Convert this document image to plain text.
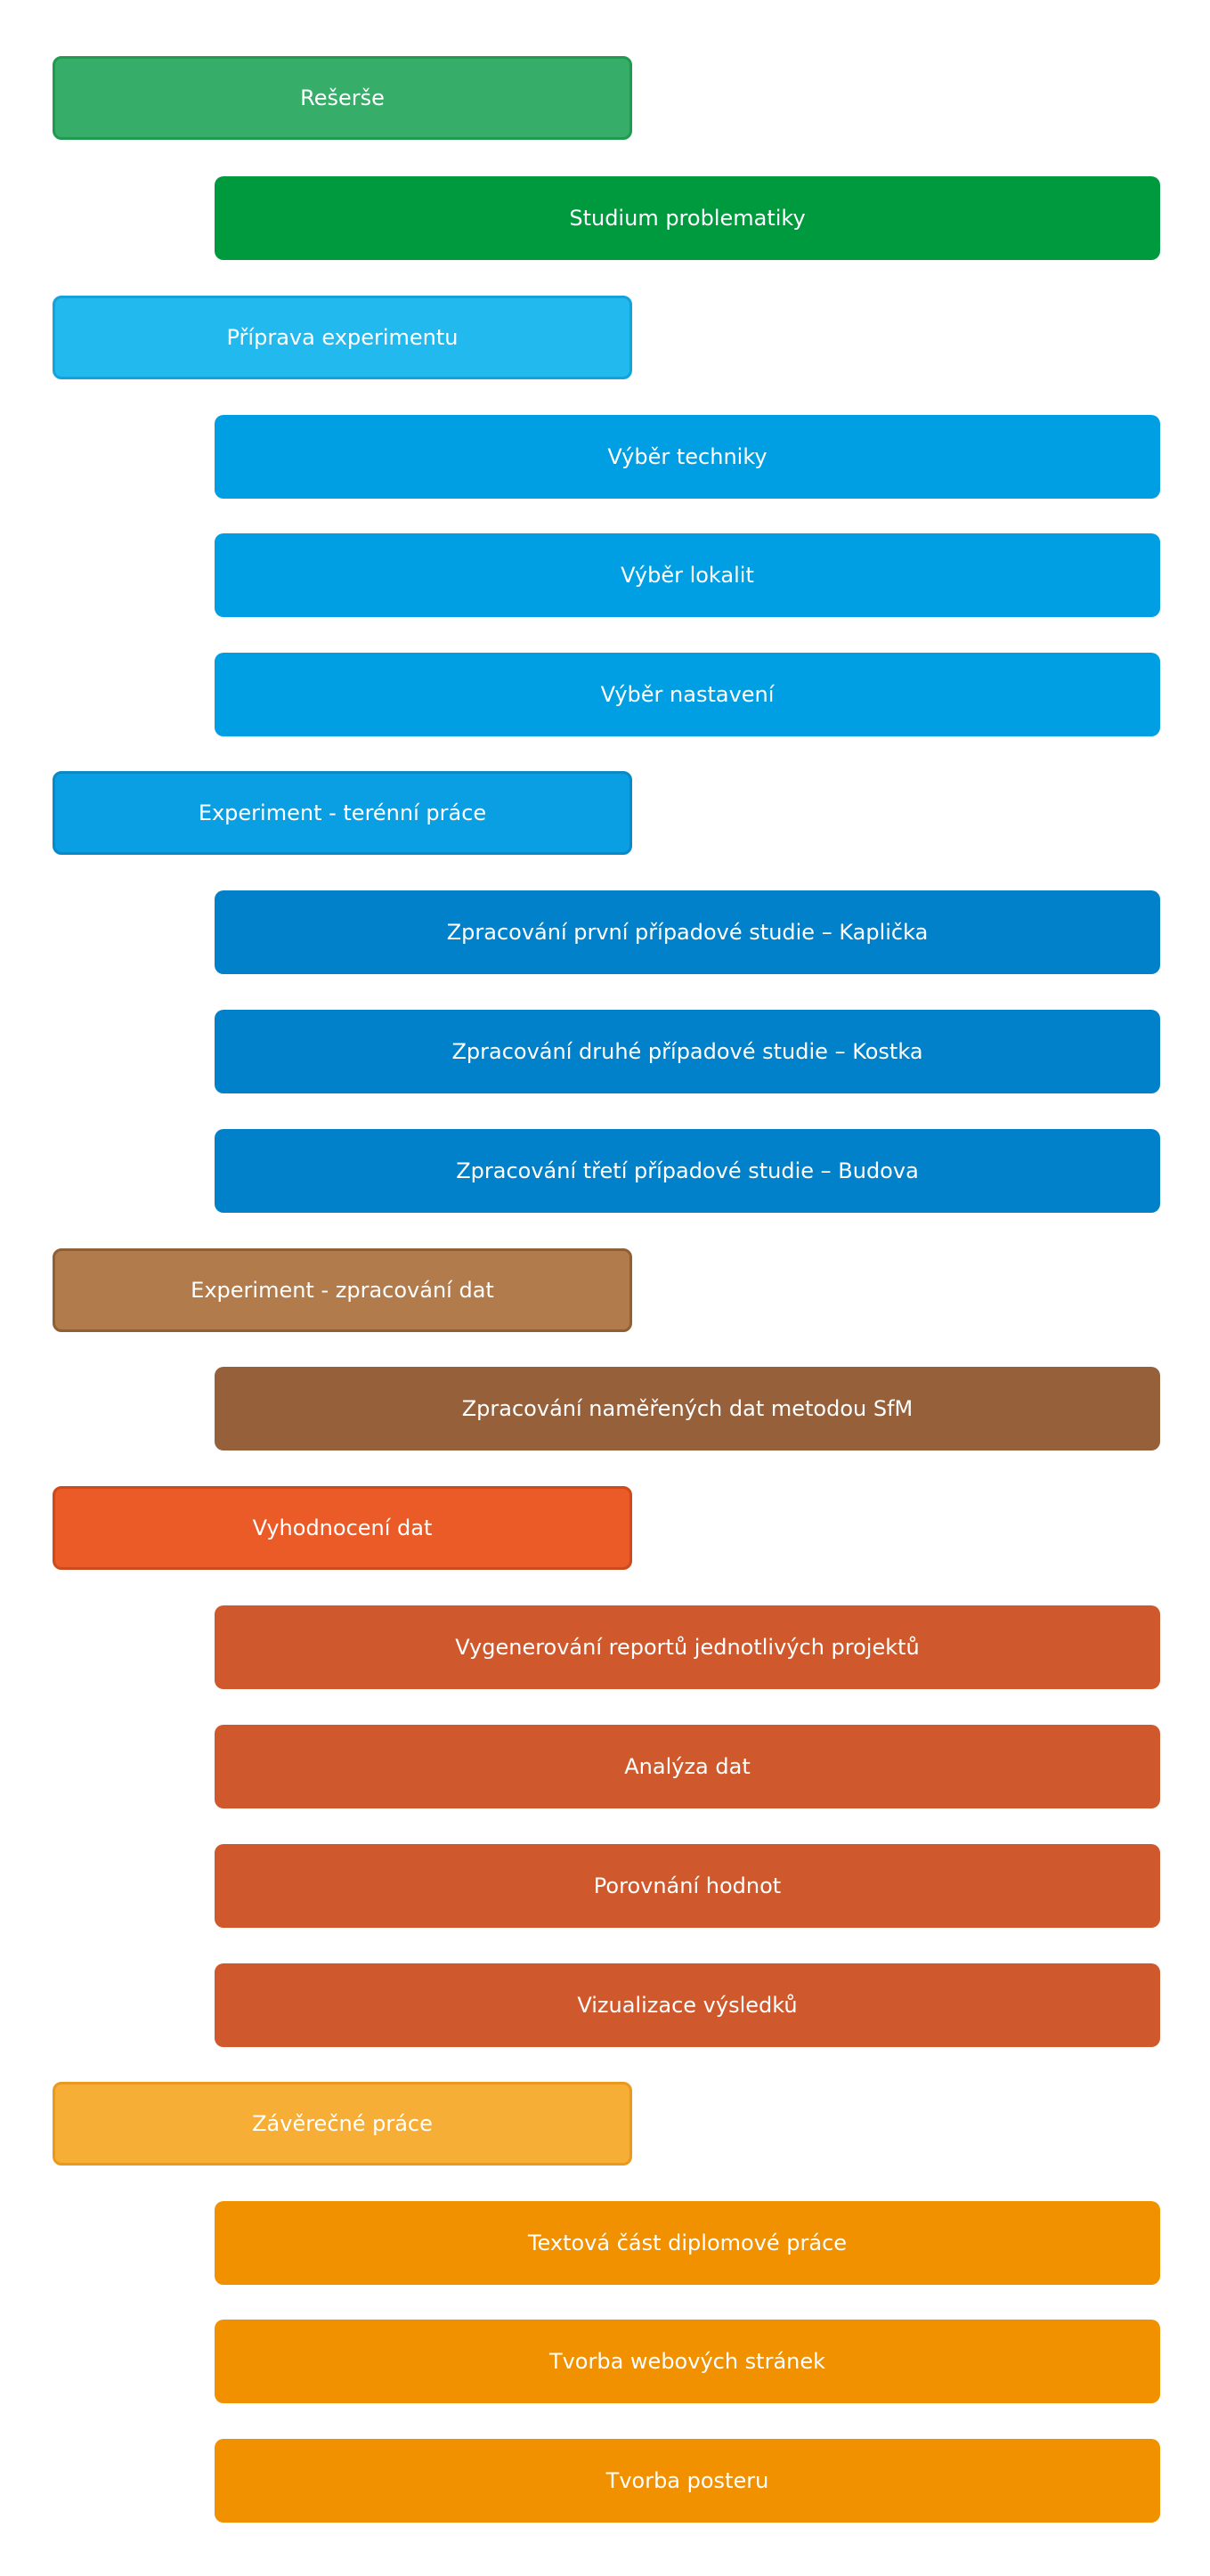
Rešerše
Studium problematiky
Příprava experimentu
Výběr techniky
Výběr lokalit
Výběr nastavení
Experiment - terénní práce
Zpracování první případové studie – Kaplička
Zpracování druhé případové studie – Kostka
Zpracování třetí případové studie – Budova
Experiment - zpracování dat
Zpracování naměřených dat metodou SfM
Vyhodnocení dat
Vygenerování reportů jednotlivých projektů
Analýza dat
Porovnání hodnot
Vizualizace výsledků
Závěrečné práce
Textová část diplomové práce
Tvorba webových stránek
Tvorba posteru
